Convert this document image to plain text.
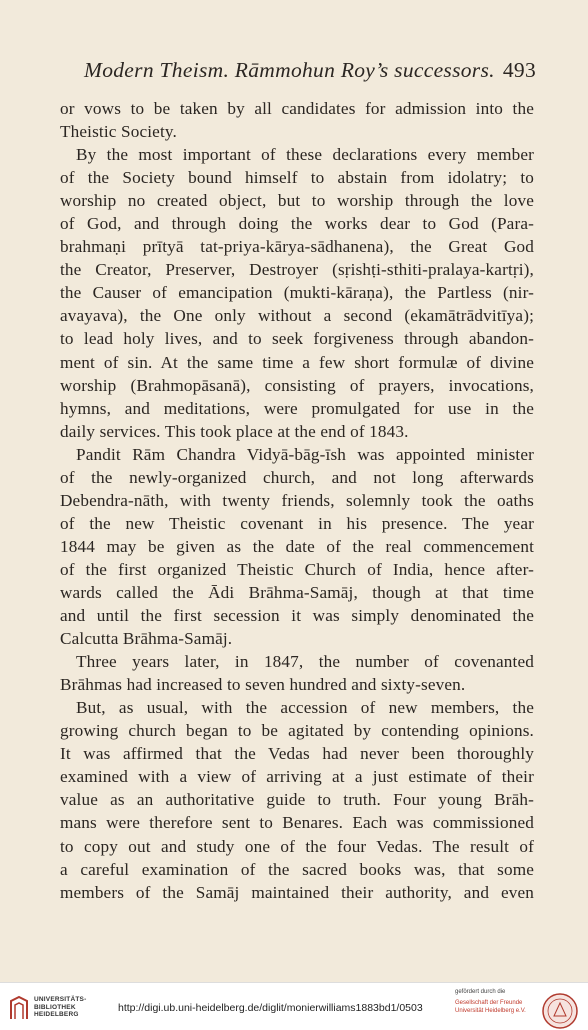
Modern Theism. Rāmmohun Roy’s successors. 493
or vows to be taken by all candidates for admission into the
Theistic Society.
By the most important of these declarations every member
of the Society bound himself to abstain from idolatry; to
worship no created object, but to worship through the love
of God, and through doing the works dear to God (Para-
brahmaṇi prītyā tat-priya-kārya-sādhanena), the Great God
the Creator, Preserver, Destroyer (sṛishṭi-sthiti-pralaya-kartṛi),
the Causer of emancipation (mukti-kāraṇa), the Partless (nir-
avayava), the One only without a second (ekamātrādvitīya);
to lead holy lives, and to seek forgiveness through abandon-
ment of sin. At the same time a few short formulæ of divine
worship (Brahmopāsanā), consisting of prayers, invocations,
hymns, and meditations, were promulgated for use in the
daily services. This took place at the end of 1843.
Pandit Rām Chandra Vidyā-bāg-īsh was appointed minister
of the newly-organized church, and not long afterwards
Debendra-nāth, with twenty friends, solemnly took the oaths
of the new Theistic covenant in his presence. The year
1844 may be given as the date of the real commencement
of the first organized Theistic Church of India, hence after-
wards called the Ādi Brāhma-Samāj, though at that time
and until the first secession it was simply denominated the
Calcutta Brāhma-Samāj.
Three years later, in 1847, the number of covenanted
Brāhmas had increased to seven hundred and sixty-seven.
But, as usual, with the accession of new members, the
growing church began to be agitated by contending opinions.
It was affirmed that the Vedas had never been thoroughly
examined with a view of arriving at a just estimate of their
value as an authoritative guide to truth. Four young Brāh-
mans were therefore sent to Benares. Each was commissioned
to copy out and study one of the four Vedas. The result of
a careful examination of the sacred books was, that some
members of the Samāj maintained their authority, and even
UNIVERSITÄTS-
BIBLIOTHEK
HEIDELBERG
http://digi.ub.uni-heidelberg.de/diglit/monierwilliams1883bd1/0503
gefördert durch die
Gesellschaft der Freunde
Universität Heidelberg e.V.
